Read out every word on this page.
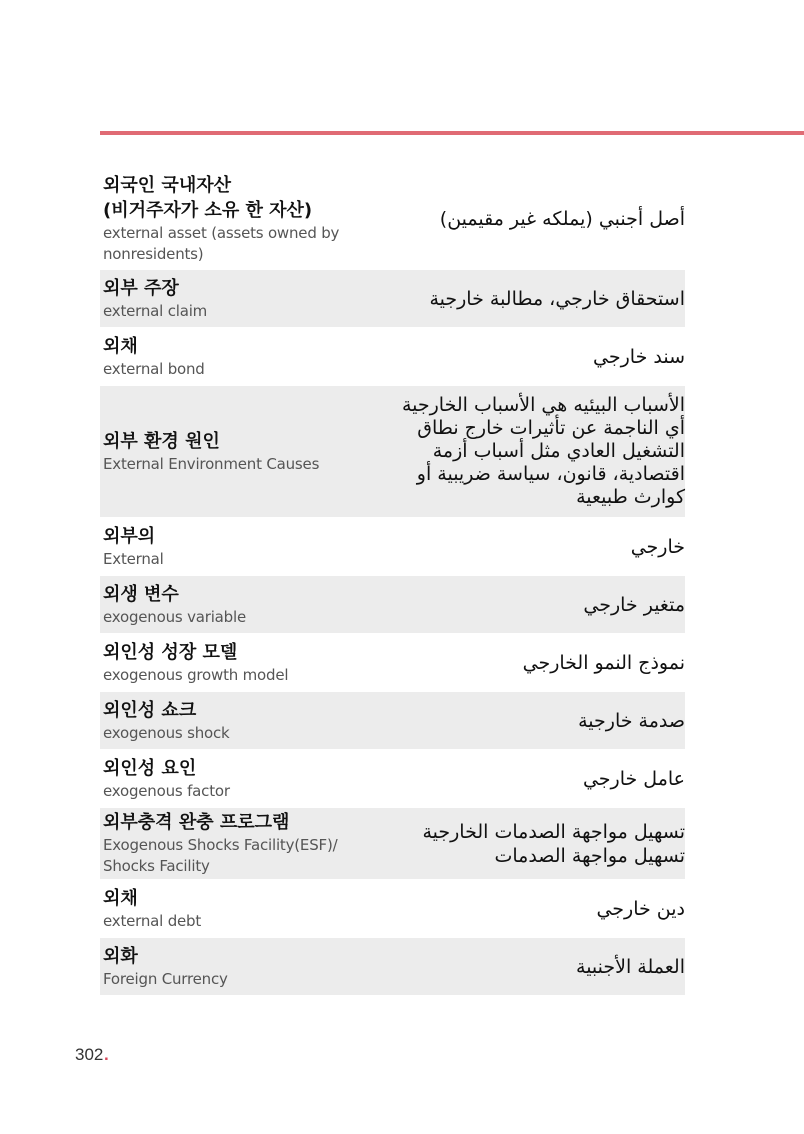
외국인 국내자산
(비거주자가 소유 한 자산)
external asset (assets owned by nonresidents)
أصل أجنبي (يملكه غير مقيمين)
외부 주장
external claim
استحقاق خارجي، مطالبة خارجية
외채
external bond
سند خارجي
외부 환경 원인
External Environment Causes
الأسباب البيئيه هي الأسباب الخارجية
أي الناجمة عن تأثيرات خارج نطاق
التشغيل العادي مثل أسباب أزمة
اقتصادية، قانون، سياسة ضريبية أو
كوارث طبيعية
외부의
External
خارجي
외생 변수
exogenous variable
متغير خارجي
외인성 성장 모델
exogenous growth model
نموذج النمو الخارجي
외인성 쇼크
exogenous shock
صدمة خارجية
외인성 요인
exogenous factor
عامل خارجي
외부충격 완충 프로그램
Exogenous Shocks Facility(ESF)/ Shocks Facility
تسهيل مواجهة الصدمات الخارجية
تسهيل مواجهة الصدمات
외채
external debt
دين خارجي
외화
Foreign Currency
العملة الأجنبية
302 .
